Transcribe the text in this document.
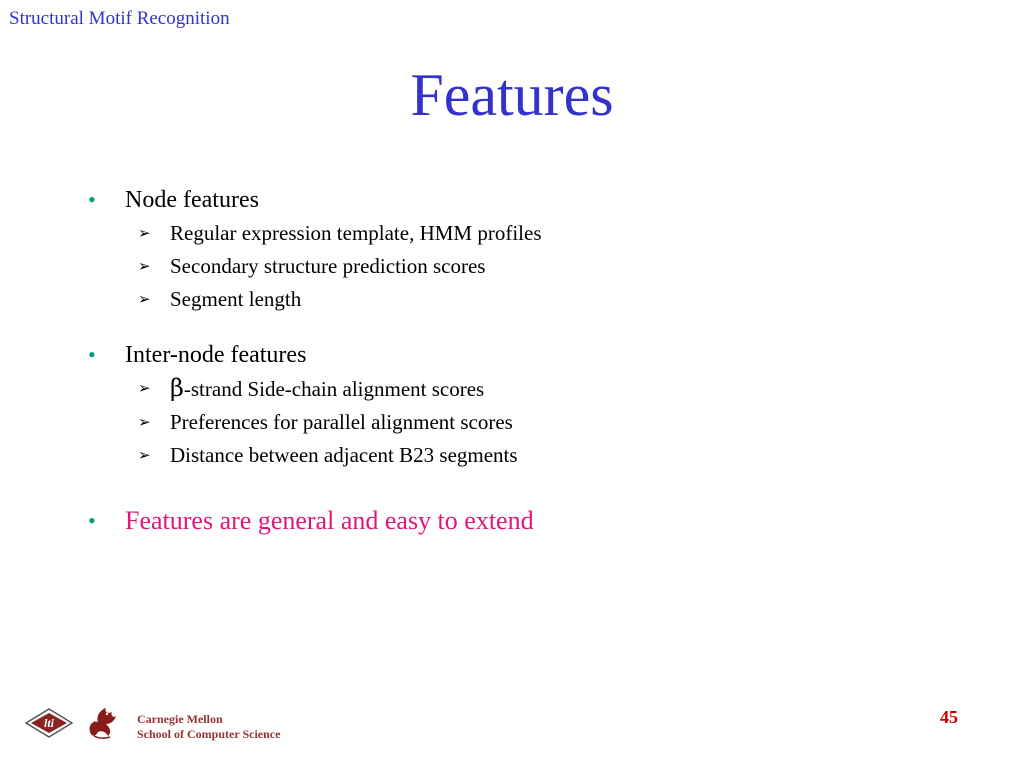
Structural Motif Recognition
Features
• Node features
➢ Regular expression template, HMM profiles
➢ Secondary structure prediction scores
➢ Segment length
• Inter-node features
➢ β-strand Side-chain alignment scores
➢ Preferences for parallel alignment scores
➢ Distance between adjacent B23 segments
• Features are general and easy to extend
lti	Carnegie Mellon
School of Computer Science
45
